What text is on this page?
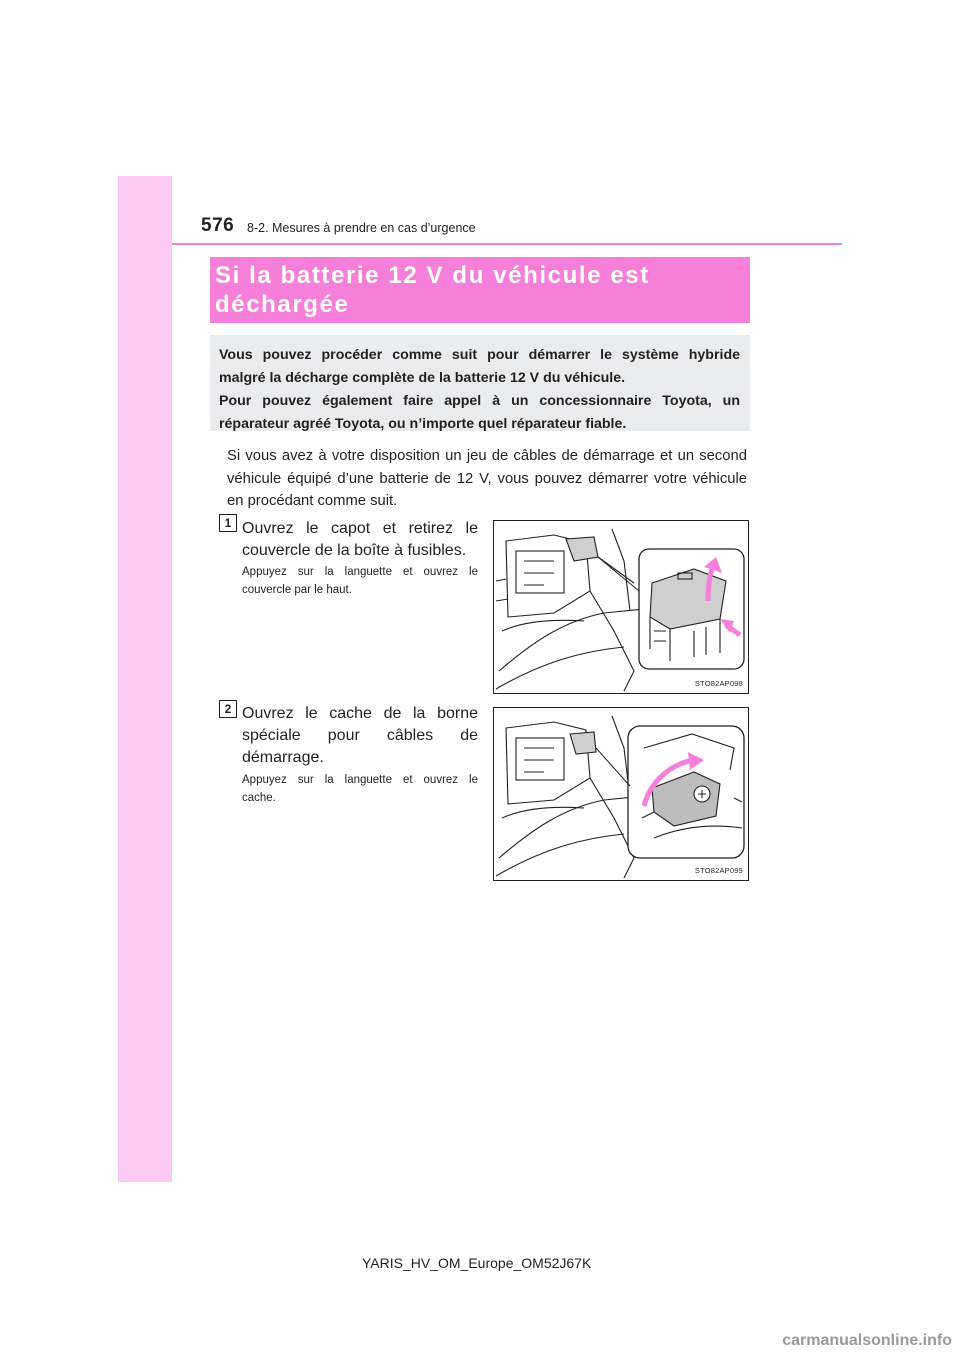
576 8-2. Mesures à prendre en cas d’urgence
Si la batterie 12 V du véhicule est
déchargée
Vous pouvez procéder comme suit pour démarrer le système hybride
malgré la décharge complète de la batterie 12 V du véhicule.
Pour pouvez également faire appel à un concessionnaire Toyota, un
réparateur agréé Toyota, ou n’importe quel réparateur fiable.
Si vous avez à votre disposition un jeu de câbles de démarrage et un second
véhicule équipé d’une batterie de 12 V, vous pouvez démarrer votre véhicule
en procédant comme suit.
1 Ouvrez le capot et retirez le
couvercle de la boîte à fusibles.
Appuyez sur la languette et ouvrez le
couvercle par le haut.
STO82AP098
2 Ouvrez le cache de la borne
spéciale pour câbles de
démarrage.
Appuyez sur la languette et ouvrez le
cache.
STO82AP099
YARIS_HV_OM_Europe_OM52J67K
carmanualsonline.info
